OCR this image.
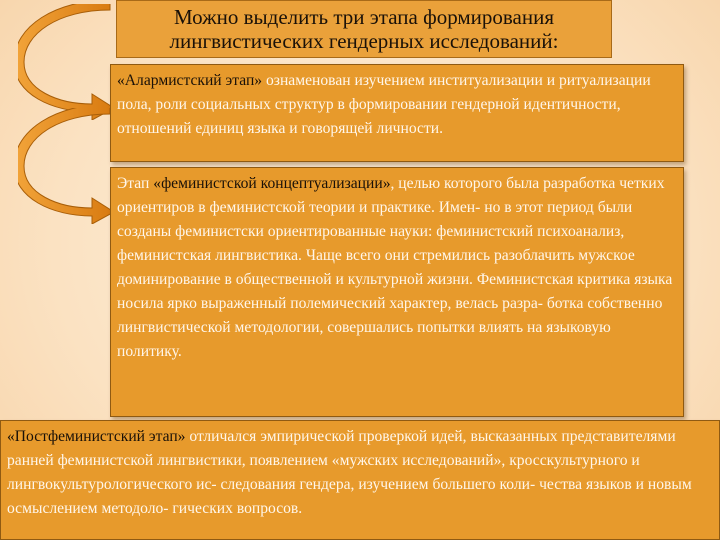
Можно выделить три этапа формирования
лингвистических гендерных исследований:
«Алармистский этап» ознаменован изучением институализации и ритуализации пола, роли социальных структур в формировании гендерной идентичности, отношений единиц языка и говорящей личности.
Этап «феминистской концептуализации», целью которого была разработка четких ориентиров в феминистской теории и практике. Имен- но в этот период были созданы феминистски ориентированные науки: феминистский психоанализ, феминистская лингвистика. Чаще всего они стремились разоблачить мужское доминирование в общественной и культурной жизни. Феминистская критика языка носила ярко выраженный полемический характер, велась разра- ботка собственно лингвистической методологии, совершались попытки влиять на языковую политику.
«Постфеминистский этап» отличался эмпирической проверкой идей, высказанных представителями ранней феминистской лингвистики, появлением «мужских исследований», кросскультурного и лингвокультурологического ис- следования гендера, изучением большего коли- чества языков и новым осмыслением методоло- гических вопросов.
